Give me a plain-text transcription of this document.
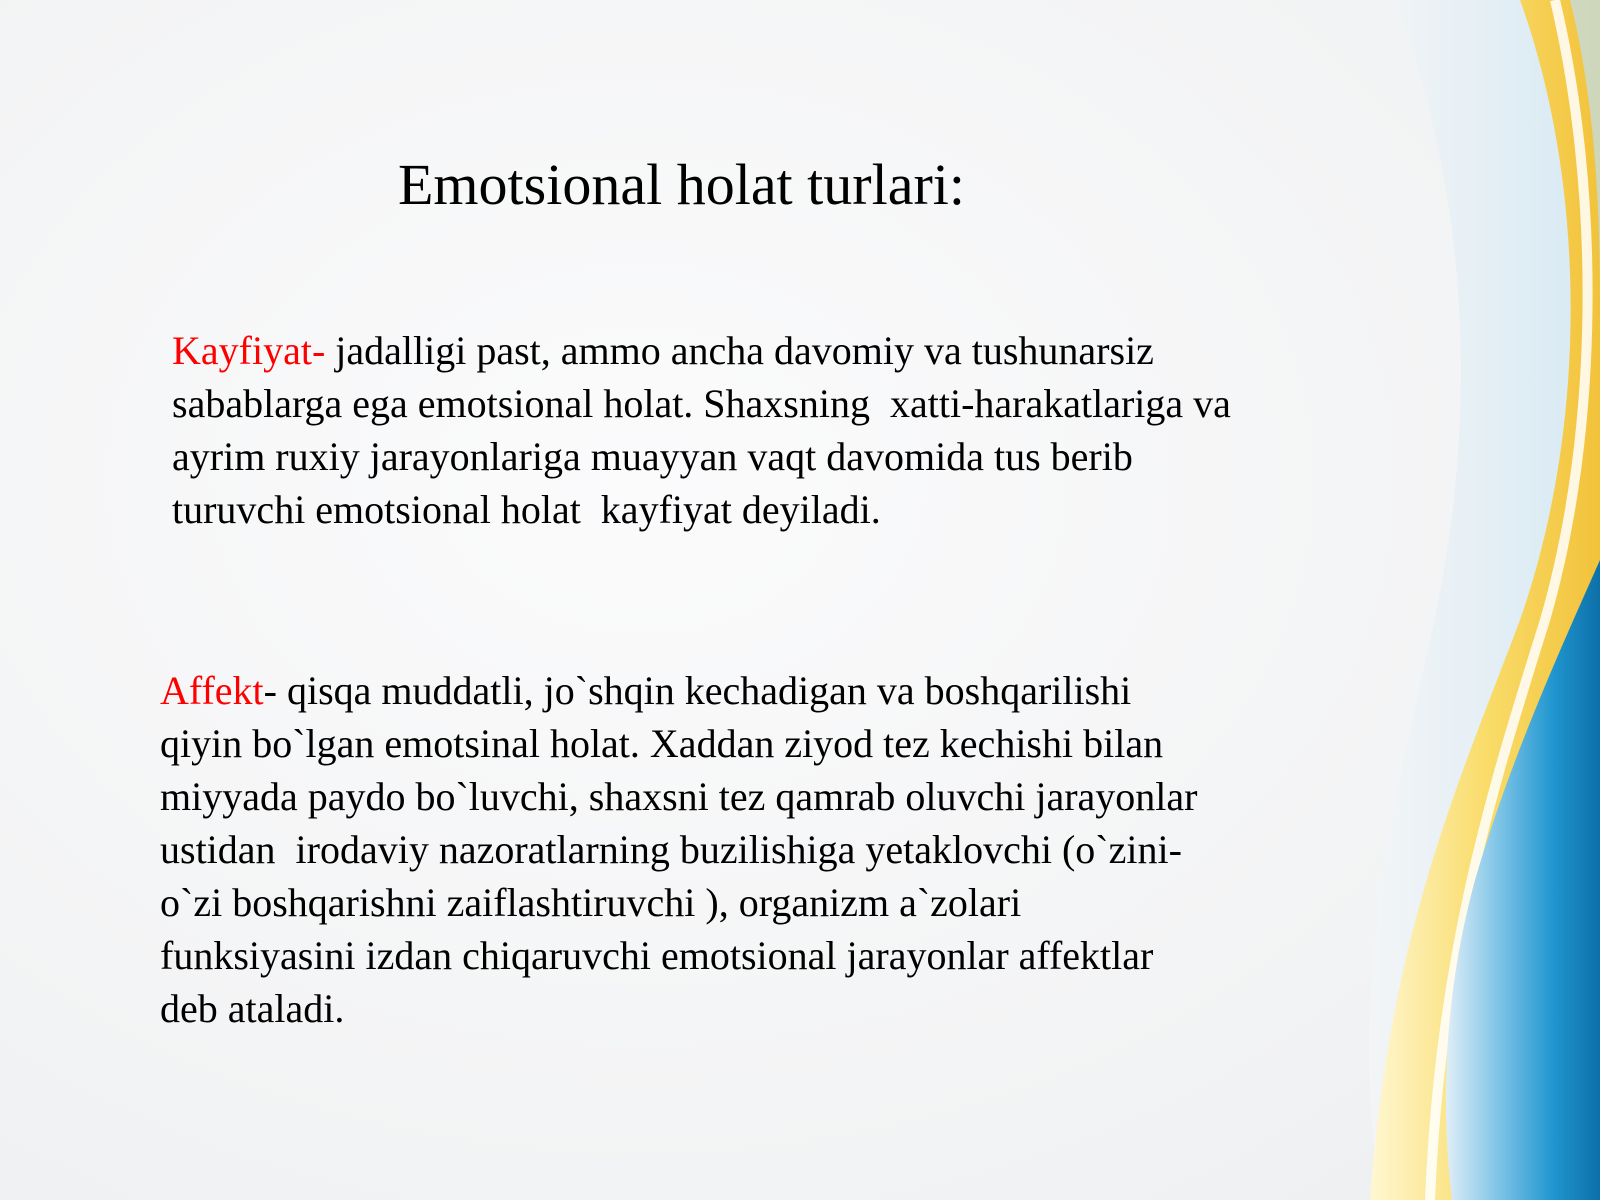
Emotsional holat turlari:
Kayfiyat- jadalligi past, ammo ancha davomiy va tushunarsiz
sabablarga ega emotsional holat. Shaxsning  xatti-harakatlariga va
ayrim ruxiy jarayonlariga muayyan vaqt davomida tus berib
turuvchi emotsional holat  kayfiyat deyiladi.
Affekt- qisqa muddatli, jo`shqin kechadigan va boshqarilishi
qiyin bo`lgan emotsinal holat. Xaddan ziyod tez kechishi bilan
miyyada paydo bo`luvchi, shaxsni tez qamrab oluvchi jarayonlar
ustidan  irodaviy nazoratlarning buzilishiga yetaklovchi (o`zini-
o`zi boshqarishni zaiflashtiruvchi ), organizm a`zolari
funksiyasini izdan chiqaruvchi emotsional jarayonlar affektlar
deb ataladi.
